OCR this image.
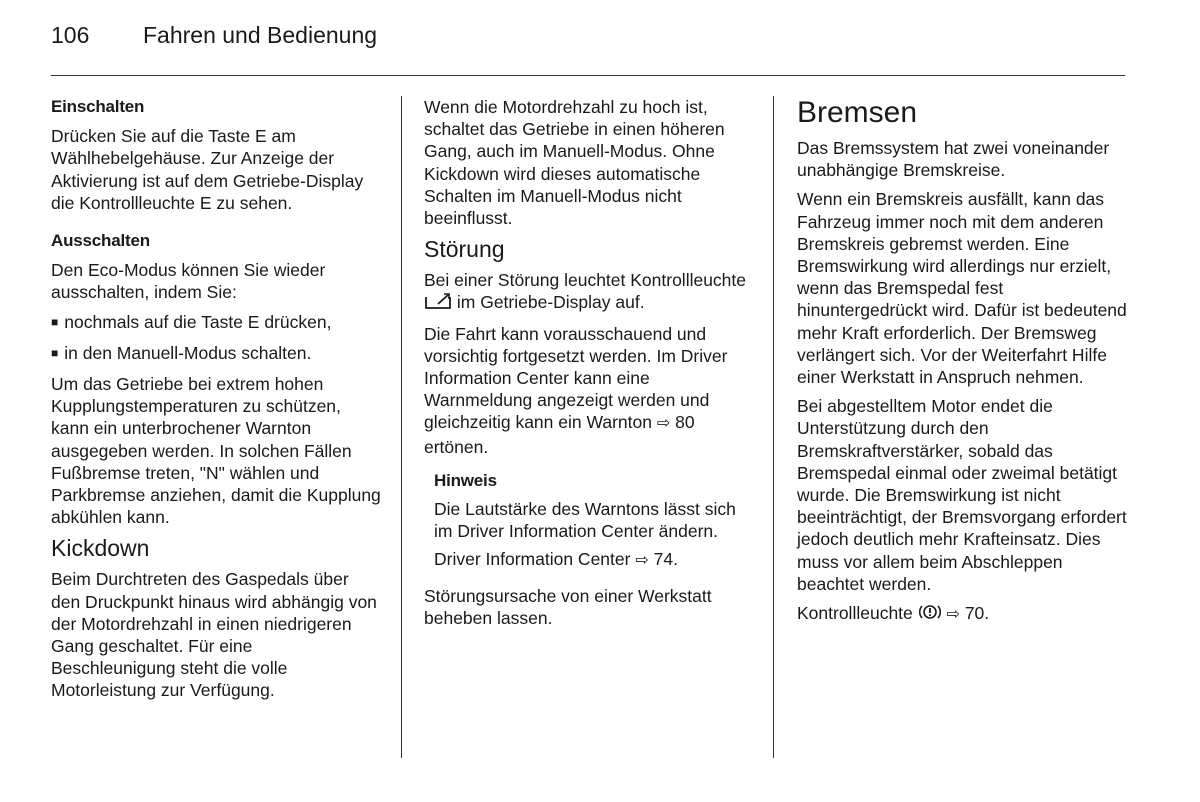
106 Fahren und Bedienung

Einschalten

Drücken Sie auf die Taste E am Wählhebelgehäuse. Zur Anzeige der Aktivierung ist auf dem Getriebe-Display die Kontrollleuchte E zu sehen.

Ausschalten

Den Eco-Modus können Sie wieder ausschalten, indem Sie:

■ nochmals auf die Taste E drücken,

■ in den Manuell-Modus schalten.

Um das Getriebe bei extrem hohen Kupplungstemperaturen zu schützen, kann ein unterbrochener Warnton ausgegeben werden. In solchen Fällen Fußbremse treten, "N" wählen und Parkbremse anziehen, damit die Kupplung abkühlen kann.

Kickdown

Beim Durchtreten des Gaspedals über den Druckpunkt hinaus wird abhängig von der Motordrehzahl in einen niedrigeren Gang geschaltet. Für eine Beschleunigung steht die volle Motorleistung zur Verfügung.

Wenn die Motordrehzahl zu hoch ist, schaltet das Getriebe in einen höheren Gang, auch im Manuell-Modus. Ohne Kickdown wird dieses automatische Schalten im Manuell-Modus nicht beeinflusst.

Störung

Bei einer Störung leuchtet Kontrollleuchte  im Getriebe-Display auf.

Die Fahrt kann vorausschauend und vorsichtig fortgesetzt werden. Im Driver Information Center kann eine Warnmeldung angezeigt werden und gleichzeitig kann ein Warnton ⇨ 80 ertönen.

Hinweis

Die Lautstärke des Warntons lässt sich im Driver Information Center ändern.

Driver Information Center ⇨ 74.

Störungsursache von einer Werkstatt beheben lassen.

Bremsen

Das Bremssystem hat zwei voneinander unabhängige Bremskreise.

Wenn ein Bremskreis ausfällt, kann das Fahrzeug immer noch mit dem anderen Bremskreis gebremst werden. Eine Bremswirkung wird allerdings nur erzielt, wenn das Bremspedal fest hinuntergedrückt wird. Dafür ist bedeutend mehr Kraft erforderlich. Der Bremsweg verlängert sich. Vor der Weiterfahrt Hilfe einer Werkstatt in Anspruch nehmen.

Bei abgestelltem Motor endet die Unterstützung durch den Bremskraftverstärker, sobald das Bremspedal einmal oder zweimal betätigt wurde. Die Bremswirkung ist nicht beeinträchtigt, der Bremsvorgang erfordert jedoch deutlich mehr Krafteinsatz. Dies muss vor allem beim Abschleppen beachtet werden.

Kontrollleuchte ⇨ 70.
